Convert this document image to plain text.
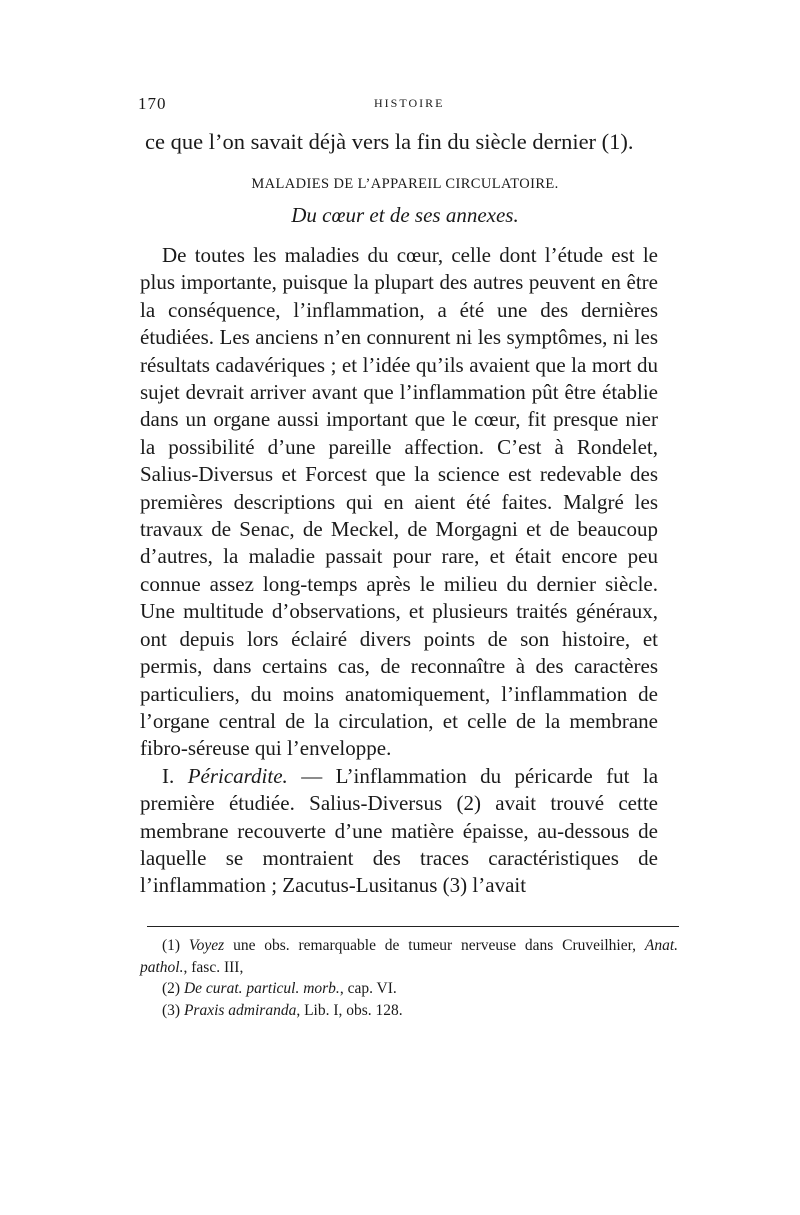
170	HISTOIRE
ce que l’on savait déjà vers la fin du siècle dernier (1).
MALADIES DE L’APPAREIL CIRCULATOIRE.
Du cœur et de ses annexes.

De toutes les maladies du cœur, celle dont l’étude est le plus importante, puisque la plupart des autres peuvent en être la conséquence, l’inflammation, a été une des dernières étudiées. Les anciens n’en connurent ni les symptômes, ni les résultats cadavériques ; et l’idée qu’ils avaient que la mort du sujet devrait arriver avant que l’inflammation pût être établie dans un organe aussi important que le cœur, fit presque nier la possibilité d’une pareille affection. C’est à Rondelet, Salius-Diversus et Forcest que la science est redevable des premières descriptions qui en aient été faites. Malgré les travaux de Senac, de Meckel, de Morgagni et de beaucoup d’autres, la maladie passait pour rare, et était encore peu connue assez long-temps après le milieu du dernier siècle. Une multitude d’observations, et plusieurs traités généraux, ont depuis lors éclairé divers points de son histoire, et permis, dans certains cas, de reconnaître à des caractères particuliers, du moins anatomiquement, l’inflammation de l’organe central de la circulation, et celle de la membrane fibro-séreuse qui l’enveloppe.

I. Péricardite. — L’inflammation du péricarde fut la première étudiée. Salius-Diversus (2) avait trouvé cette membrane recouverte d’une matière épaisse, au-dessous de laquelle se montraient des traces caractéristiques de l’inflammation ; Zacutus-Lusitanus (3) l’avait

(1) Voyez une obs. remarquable de tumeur nerveuse dans Cruveilhier, Anat. pathol., fasc. III,

(2) De curat. particul. morb., cap. VI.

(3) Praxis admiranda, Lib. I, obs. 128.
